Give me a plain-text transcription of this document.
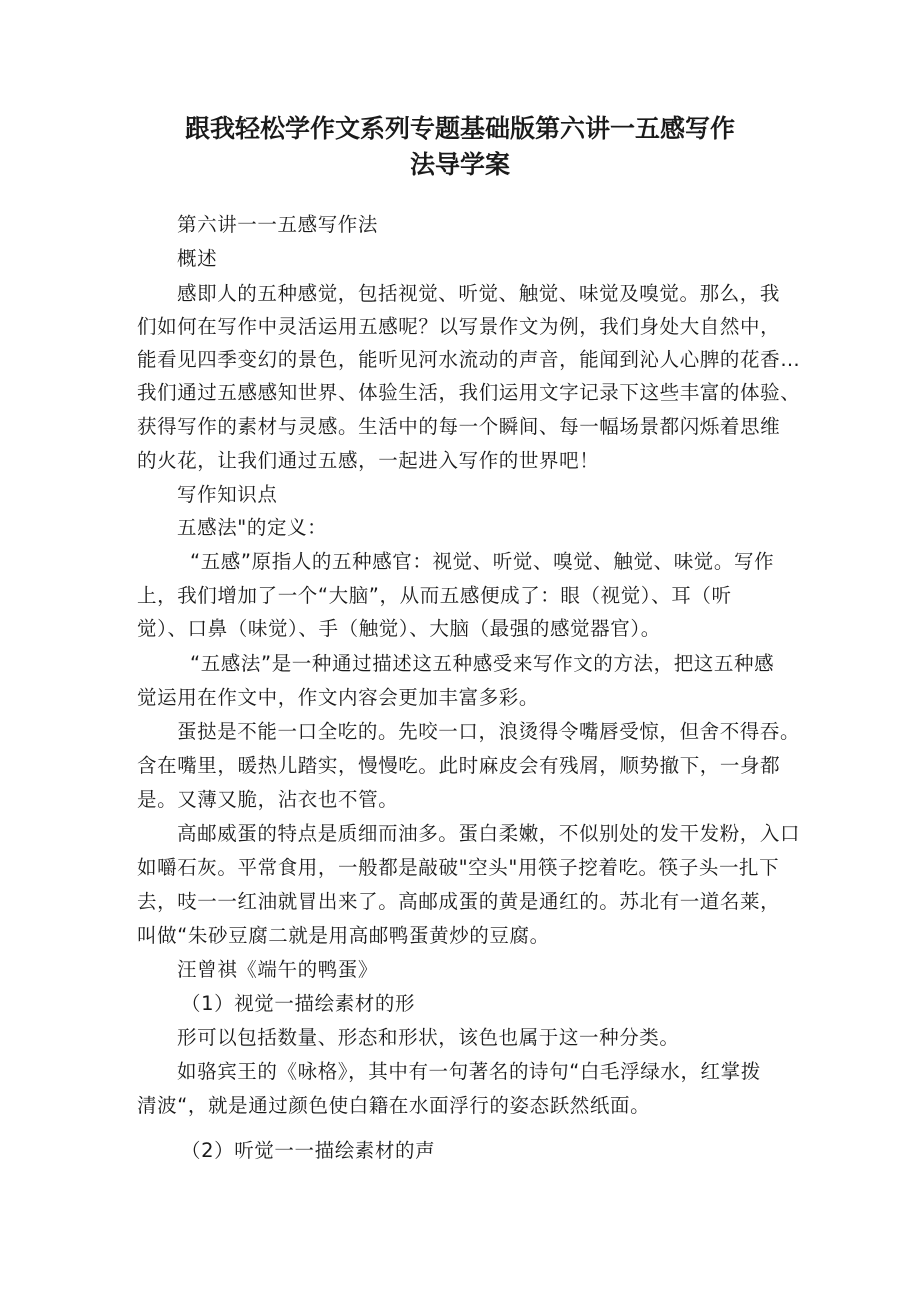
跟我轻松学作文系列专题基础版第六讲一五感写作
法导学案
第六讲一一五感写作法
概述
感即人的五种感觉，包括视觉、听觉、触觉、味觉及嗅觉。那么，我
们如何在写作中灵活运用五感呢？以写景作文为例，我们身处大自然中，
能看见四季变幻的景色，能听见河水流动的声音，能闻到沁人心脾的花香…
我们通过五感感知世界、体验生活，我们运用文字记录下这些丰富的体验、
获得写作的素材与灵感。生活中的每一个瞬间、每一幅场景都闪烁着思维
的火花，让我们通过五感，一起进入写作的世界吧！
写作知识点
五感法"的定义：
“五感”原指人的五种感官：视觉、听觉、嗅觉、触觉、味觉。写作
上，我们增加了一个“大脑”，从而五感便成了：眼（视觉）、耳（听
觉）、口鼻（味觉）、手（触觉）、大脑（最强的感觉器官）。
“五感法”是一种通过描述这五种感受来写作文的方法，把这五种感
觉运用在作文中，作文内容会更加丰富多彩。
蛋挞是不能一口全吃的。先咬一口，浪烫得令嘴唇受惊，但舍不得吞。
含在嘴里，暖热儿踏实，慢慢吃。此时麻皮会有残屑，顺势撤下，一身都
是。又薄又脆，沾衣也不管。
高邮威蛋的特点是质细而油多。蛋白柔嫩，不似别处的发干发粉，入口
如嚼石灰。平常食用，一般都是敲破"空头"用筷子挖着吃。筷子头一扎下
去，吱一一红油就冒出来了。高邮成蛋的黄是通红的。苏北有一道名莱，
叫做“朱砂豆腐二就是用高邮鸭蛋黄炒的豆腐。
汪曾祺《端午的鸭蛋》
（1）视觉一描绘素材的形
形可以包括数量、形态和形状，该色也属于这一种分类。
如骆宾王的《咏格》，其中有一句著名的诗句“白毛浮绿水，红掌拨
清波“，就是通过颜色使白籍在水面浮行的姿态跃然纸面。
（2）听觉一一描绘素材的声
